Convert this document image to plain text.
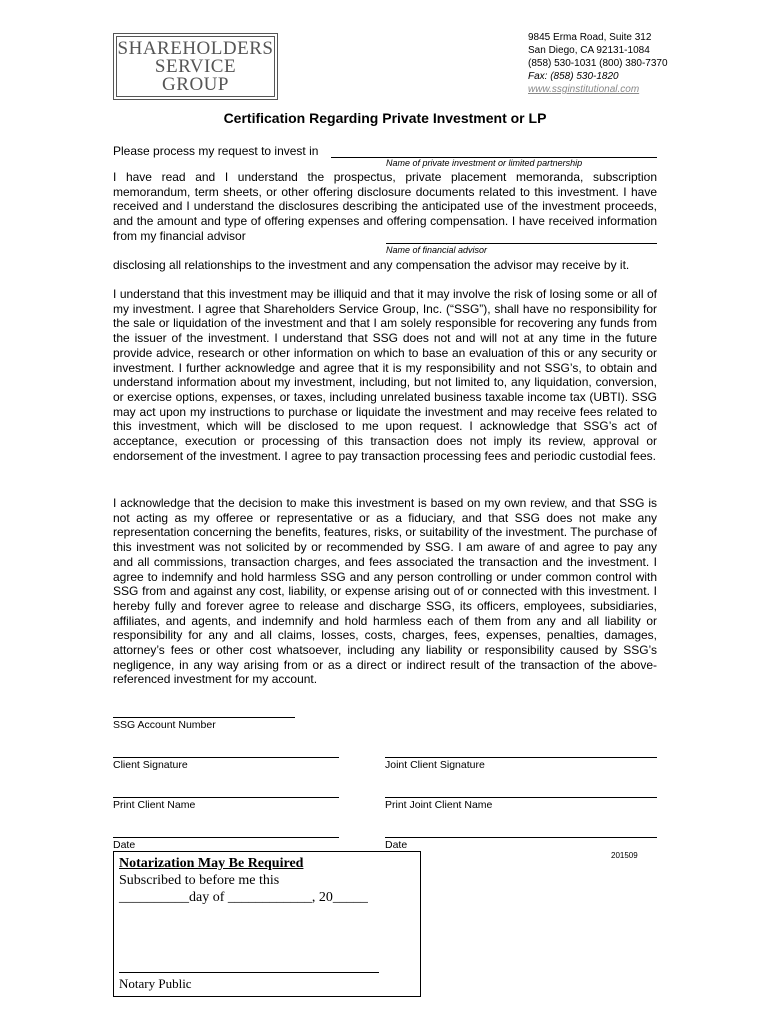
SHAREHOLDERS
SERVICE
GROUP
9845 Erma Road, Suite 312
San Diego, CA 92131-1084
(858) 530-1031 (800) 380-7370
Fax: (858) 530-1820
www.ssginstitutional.com
Certification Regarding Private Investment or LP
Please process my request to invest in
Name of private investment or limited partnership
I have read and I understand the prospectus, private placement memoranda, subscription memorandum, term sheets, or other offering disclosure documents related to this investment. I have received and I understand the disclosures describing the anticipated use of the investment proceeds, and the amount and type of offering expenses and offering compensation. I have received information from my financial advisor
Name of financial advisor
disclosing all relationships to the investment and any compensation the advisor may receive by it.
I understand that this investment may be illiquid and that it may involve the risk of losing some or all of my investment. I agree that Shareholders Service Group, Inc. (“SSG”), shall have no responsibility for the sale or liquidation of the investment and that I am solely responsible for recovering any funds from the issuer of the investment. I understand that SSG does not and will not at any time in the future provide advice, research or other information on which to base an evaluation of this or any security or investment. I further acknowledge and agree that it is my responsibility and not SSG’s, to obtain and understand information about my investment, including, but not limited to, any liquidation, conversion, or exercise options, expenses, or taxes, including unrelated business taxable income tax (UBTI). SSG may act upon my instructions to purchase or liquidate the investment and may receive fees related to this investment, which will be disclosed to me upon request. I acknowledge that SSG’s act of acceptance, execution or processing of this transaction does not imply its review, approval or endorsement of the investment. I agree to pay transaction processing fees and periodic custodial fees.
I acknowledge that the decision to make this investment is based on my own review, and that SSG is not acting as my offeree or representative or as a fiduciary, and that SSG does not make any representation concerning the benefits, features, risks, or suitability of the investment. The purchase of this investment was not solicited by or recommended by SSG. I am aware of and agree to pay any and all commissions, transaction charges, and fees associated the transaction and the investment. I agree to indemnify and hold harmless SSG and any person controlling or under common control with SSG from and against any cost, liability, or expense arising out of or connected with this investment. I hereby fully and forever agree to release and discharge SSG, its officers, employees, subsidiaries, affiliates, and agents, and indemnify and hold harmless each of them from any and all liability or responsibility for any and all claims, losses, costs, charges, fees, expenses, penalties, damages, attorney’s fees or other cost whatsoever, including any liability or responsibility caused by SSG’s negligence, in any way arising from or as a direct or indirect result of the transaction of the above-referenced investment for my account.
SSG Account Number
Client Signature	Joint Client Signature
Print Client Name	Print Joint Client Name
Date	Date
Notarization May Be Required
Subscribed to before me this
__________day of ____________, 20_____
Notary Public
201509
